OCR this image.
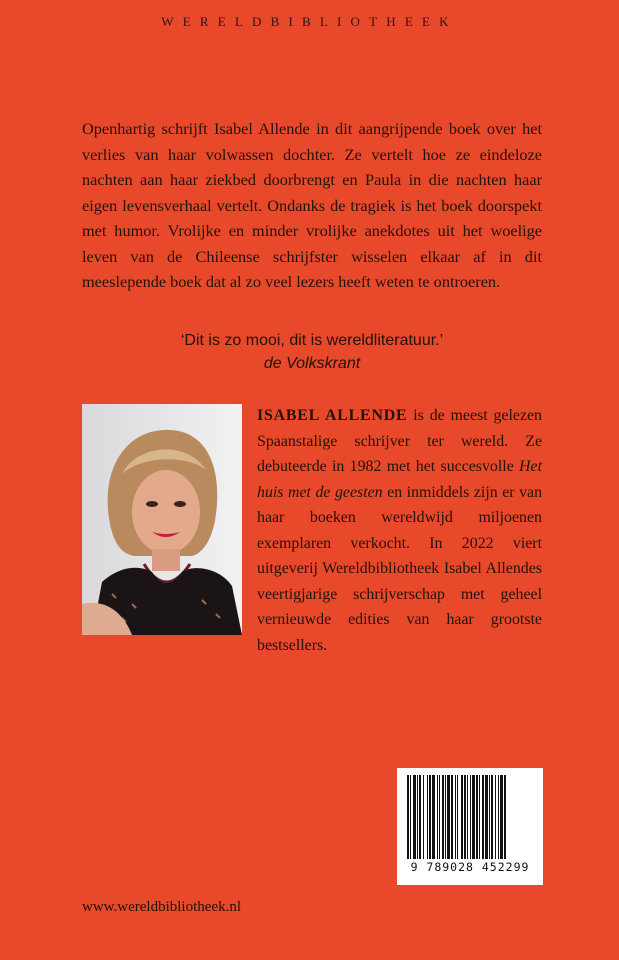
WERELDBIBLIOTHEEK

Openhartig schrijft Isabel Allende in dit aangrijpende boek over het verlies van haar volwassen dochter. Ze vertelt hoe ze eindeloze nachten aan haar ziekbed doorbrengt en Paula in die nachten haar eigen levensverhaal vertelt. Ondanks de tragiek is het boek doorspekt met humor. Vrolijke en minder vrolijke anekdotes uit het woelige leven van de Chileense schrijfster wisselen elkaar af in dit meeslepende boek dat al zo veel lezers heeft weten te ontroeren.

‘Dit is zo mooi, dit is wereldliteratuur.’
de Volkskrant

ISABEL ALLENDE is de meest gelezen Spaanstalige schrijver ter wereld. Ze debuteerde in 1982 met het succesvolle Het huis met de geesten en inmiddels zijn er van haar boeken wereldwijd miljoenen exemplaren verkocht. In 2022 viert uitgeverij Wereldbibliotheek Isabel Allendes veertigjarige schrijverschap met geheel vernieuwde edities van haar grootste bestsellers.

9 789028 452299
www.wereldbibliotheek.nl
